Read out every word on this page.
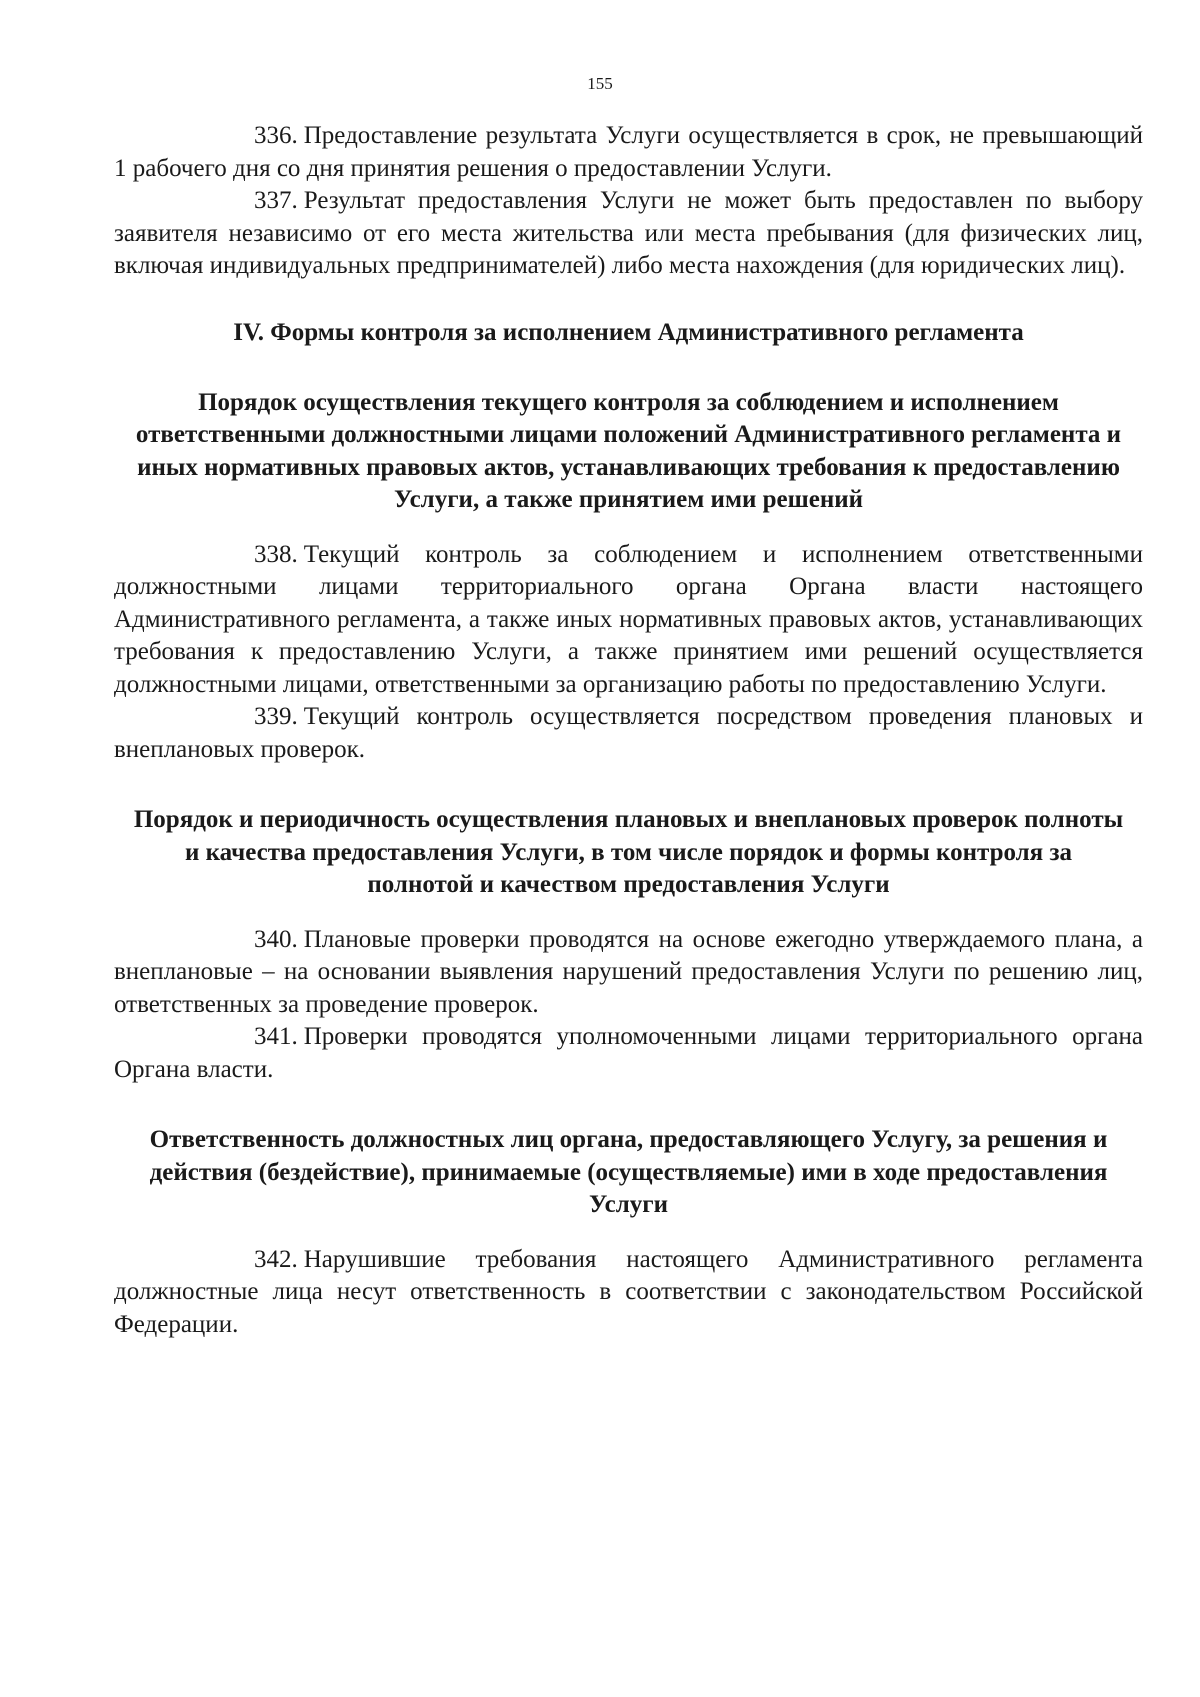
155

336. Предоставление результата Услуги осуществляется в срок, не превышающий 1 рабочего дня со дня принятия решения о предоставлении Услуги.

337. Результат предоставления Услуги не может быть предоставлен по выбору заявителя независимо от его места жительства или места пребывания (для физических лиц, включая индивидуальных предпринимателей) либо места нахождения (для юридических лиц).

IV. Формы контроля за исполнением Административного регламента
Порядок осуществления текущего контроля за соблюдением и исполнением ответственными должностными лицами положений Административного регламента и иных нормативных правовых актов, устанавливающих требования к предоставлению Услуги, а также принятием ими решений

338. Текущий контроль за соблюдением и исполнением ответственными должностными лицами территориального органа Органа власти настоящего Административного регламента, а также иных нормативных правовых актов, устанавливающих требования к предоставлению Услуги, а также принятием ими решений осуществляется должностными лицами, ответственными за организацию работы по предоставлению Услуги.

339. Текущий контроль осуществляется посредством проведения плановых и внеплановых проверок.

Порядок и периодичность осуществления плановых и внеплановых проверок полноты и качества предоставления Услуги, в том числе порядок и формы контроля за полнотой и качеством предоставления Услуги

340. Плановые проверки проводятся на основе ежегодно утверждаемого плана, а внеплановые – на основании выявления нарушений предоставления Услуги по решению лиц, ответственных за проведение проверок.

341. Проверки проводятся уполномоченными лицами территориального органа Органа власти.

Ответственность должностных лиц органа, предоставляющего Услугу, за решения и действия (бездействие), принимаемые (осуществляемые) ими в ходе предоставления Услуги

342. Нарушившие требования настоящего Административного регламента должностные лица несут ответственность в соответствии с законодательством Российской Федерации.
